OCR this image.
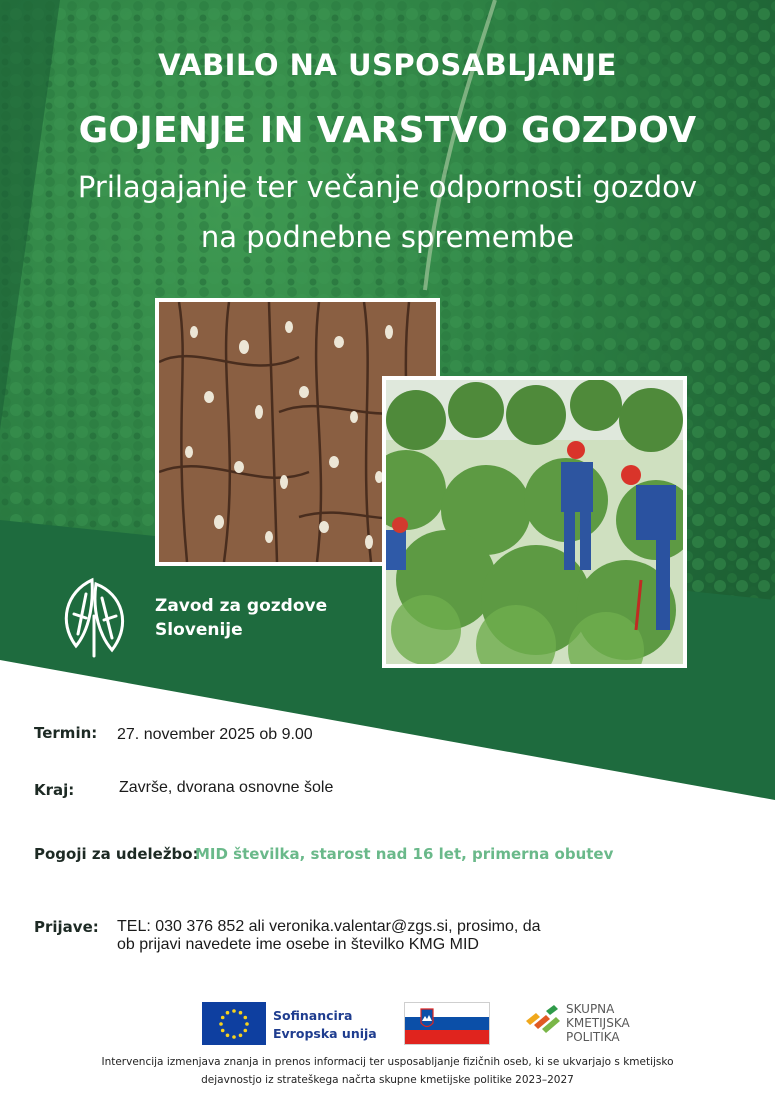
VABILO NA USPOSABLJANJE
GOJENJE IN VARSTVO GOZDOV
Prilagajanje ter večanje odpornosti gozdov
na podnebne spremembe
Zavod za gozdove
Slovenije
Termin: 27. november 2025 ob 9.00
Kraj:	Završe, dvorana osnovne šole
Pogoji za udeležbo:
MID številka, starost nad 16 let, primerna obutev
Prijave: TEL: 030 376 852 ali veronika.valentar@zgs.si, prosimo, da
ob prijavi navedete ime osebe in številko KMG MID
Sofinancira
Evropska unija
SKUPNA
KMETIJSKA
POLITIKA
Intervencija izmenjava znanja in prenos informacij ter usposabljanje fizičnih oseb, ki se ukvarjajo s kmetijsko
dejavnostjo iz strateškega načrta skupne kmetijske politike 2023–2027
